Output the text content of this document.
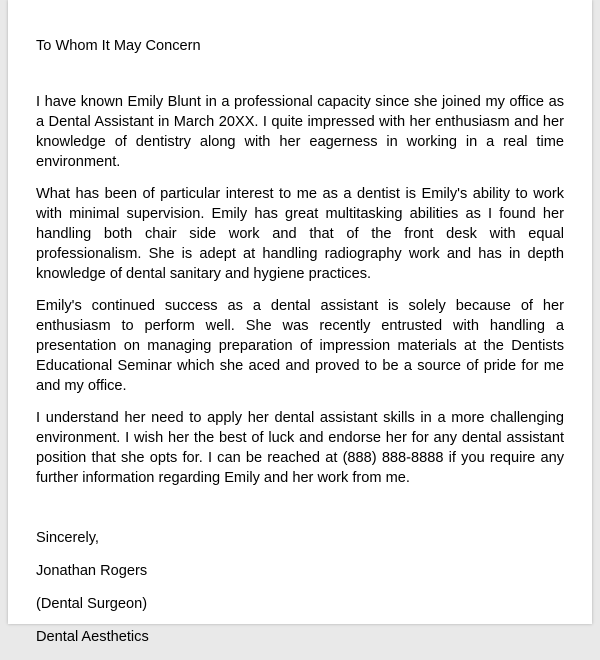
To Whom It May Concern

I have known Emily Blunt in a professional capacity since she joined my office as a Dental Assistant in March 20XX. I quite impressed with her enthusiasm and her knowledge of dentistry along with her eagerness in working in a real time environment.

What has been of particular interest to me as a dentist is Emily's ability to work with minimal supervision. Emily has great multitasking abilities as I found her handling both chair side work and that of the front desk with equal professionalism. She is adept at handling radiography work and has in depth knowledge of dental sanitary and hygiene practices.

Emily's continued success as a dental assistant is solely because of her enthusiasm to perform well. She was recently entrusted with handling a presentation on managing preparation of impression materials at the Dentists Educational Seminar which she aced and proved to be a source of pride for me and my office.

I understand her need to apply her dental assistant skills in a more challenging environment. I wish her the best of luck and endorse her for any dental assistant position that she opts for. I can be reached at (888) 888-8888 if you require any further information regarding Emily and her work from me.

Sincerely,
Jonathan Rogers
(Dental Surgeon)
Dental Aesthetics
